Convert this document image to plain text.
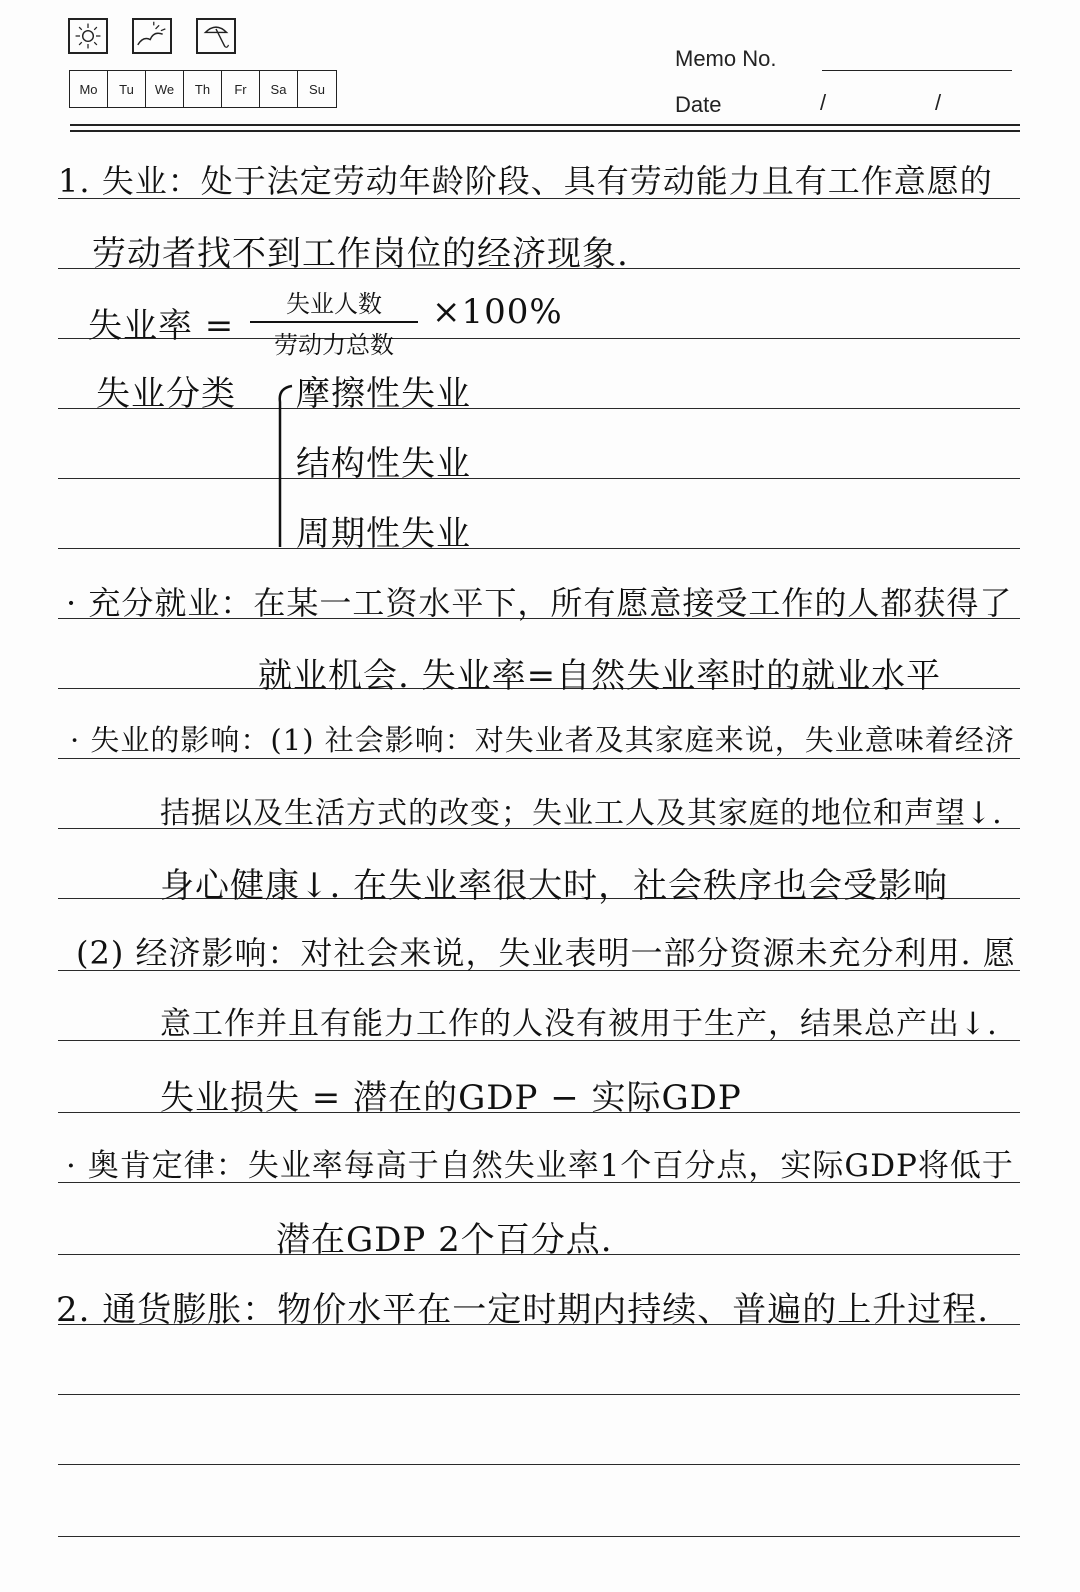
Mo	Tu	We	Th	Fr	Sa	Su
Memo No.
Date	/	/
1. 失业：处于法定劳动年龄阶段、具有劳动能力且有工作意愿的
劳动者找不到工作岗位的经济现象.
失业率 =
失业人数
劳动力总数
×100%
失业分类 摩擦性失业
结构性失业
周期性失业
· 充分就业：在某一工资水平下，所有愿意接受工作的人都获得了
就业机会. 失业率=自然失业率时的就业水平
· 失业的影响：(1) 社会影响：对失业者及其家庭来说，失业意味着经济
拮据以及生活方式的改变；失业工人及其家庭的地位和声望↓.
身心健康↓. 在失业率很大时，社会秩序也会受影响
(2) 经济影响：对社会来说，失业表明一部分资源未充分利用. 愿
意工作并且有能力工作的人没有被用于生产，结果总产出↓.
失业损失 = 潜在的GDP − 实际GDP
· 奥肯定律：失业率每高于自然失业率1个百分点，实际GDP将低于
潜在GDP 2个百分点.
2. 通货膨胀：物价水平在一定时期内持续、普遍的上升过程.
